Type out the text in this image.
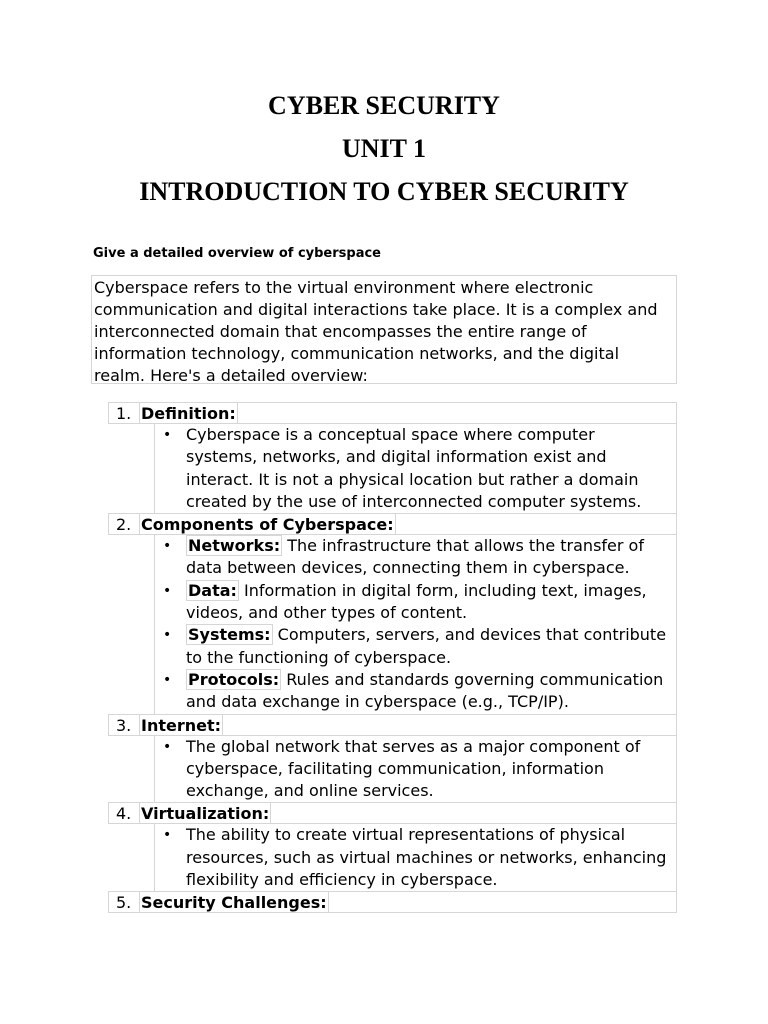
CYBER SECURITY
UNIT 1
INTRODUCTION TO CYBER SECURITY
Give a detailed overview of cyberspace
Cyberspace refers to the virtual environment where electronic communication and digital interactions take place. It is a complex and interconnected domain that encompasses the entire range of information technology, communication networks, and the digital realm. Here's a detailed overview:
1. Definition:
• Cyberspace is a conceptual space where computer systems, networks, and digital information exist and interact. It is not a physical location but rather a domain created by the use of interconnected computer systems.
2. Components of Cyberspace:
• Networks: The infrastructure that allows the transfer of data between devices, connecting them in cyberspace.
• Data: Information in digital form, including text, images, videos, and other types of content.
• Systems: Computers, servers, and devices that contribute to the functioning of cyberspace.
• Protocols: Rules and standards governing communication and data exchange in cyberspace (e.g., TCP/IP).
3. Internet:
• The global network that serves as a major component of cyberspace, facilitating communication, information exchange, and online services.
4. Virtualization:
• The ability to create virtual representations of physical resources, such as virtual machines or networks, enhancing flexibility and efficiency in cyberspace.
5. Security Challenges:
